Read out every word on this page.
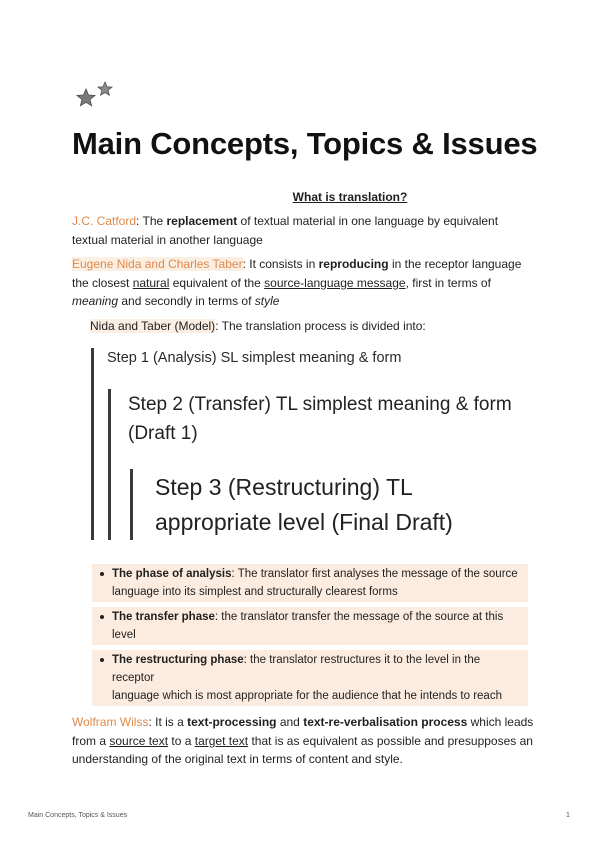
Main Concepts, Topics & Issues
What is translation?
J.C. Catford: The replacement of textual material in one language by equivalent textual material in another language
Eugene Nida and Charles Taber: It consists in reproducing in the receptor language the closest natural equivalent of the source-language message, first in terms of meaning and secondly in terms of style
Nida and Taber (Model): The translation process is divided into:
Step 1 (Analysis) SL simplest meaning & form
Step 2 (Transfer) TL simplest meaning & form (Draft 1)
Step 3 (Restructuring) TL appropriate level (Final Draft)
The phase of analysis: The translator first analyses the message of the source language into its simplest and structurally clearest forms
The transfer phase: the translator transfer the message of the source at this level
The restructuring phase: the translator restructures it to the level in the receptor
language which is most appropriate for the audience that he intends to reach
Wolfram Wilss: It is a text-processing and text-re-verbalisation process which leads from a source text to a target text that is as equivalent as possible and presupposes an understanding of the original text in terms of content and style.
Main Concepts, Topics & Issues	1
